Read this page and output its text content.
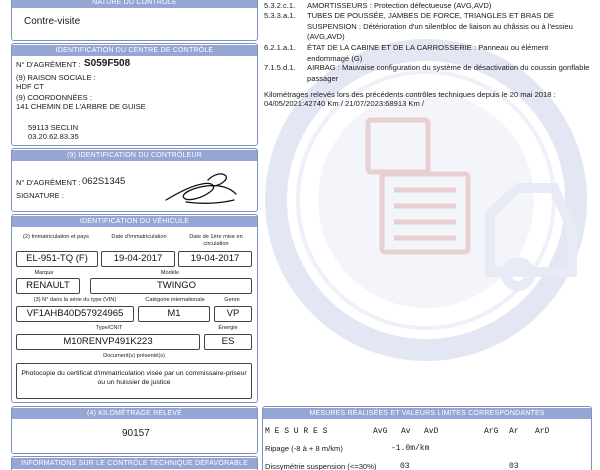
NATURE DU CONTRÔLE
Contre-visite
IDENTIFICATION DU CENTRE DE CONTRÔLE
N° D'AGRÉMENT : S059F508
(9) RAISON SOCIALE :
HDF CT
(9) COORDONNÉES :
141 CHEMIN DE L'ARBRE DE GUISE
59113 SECLIN
03.20.62.83.35
(9) IDENTIFICATION DU CONTRÔLEUR
N° D'AGRÉMENT : 062S1345
SIGNATURE :
IDENTIFICATION DU VÉHICULE
(2) Immatriculation et pays	Date d'immatriculation	Date de 1ère mise en circulation
EL-951-TQ (F)	19-04-2017	19-04-2017
Marque	Modèle
RENAULT	TWINGO
(3) N° dans la série du type (VIN)	Catégorie internationale	Genre
VF1AHB40D57924965	M1	VP
Type/CNIT	Énergie
M10RENVP491K223	ES
Document(s) présenté(s)
Photocopie du certificat d'immatriculation visée par un commissaire-priseur ou un huissier de justice
(4) KILOMÉTRAGE RELEVÉ
90157
INFORMATIONS SUR LE CONTRÔLE TECHNIQUE DÉFAVORABLE
5.3.2.c.1. AMORTISSEURS : Protection défectueuse (AVG,AVD)
5.3.3.a.1. TUBES DE POUSSÉE, JAMBES DE FORCE, TRIANGLES ET BRAS DE SUSPENSION : Détérioration d'un silentbloc de liaison au châssis ou à l'essieu (AVG,AVD)
6.2.1.a.1. ÉTAT DE LA CABINE ET DE LA CARROSSERIE : Panneau ou élément endommagé (G)
7.1.5.d.1. AIRBAG : Mauvaise configuration du système de désactivation du coussin gonflable passager
Kilométrages relevés lors des précédents contrôles techniques depuis le 20 mai 2018 :
04/05/2021:42740 Km / 21/07/2023:68913 Km /
MESURES RÉALISÉES ET VALEURS LIMITES CORRESPONDANTES
M E S U R E S	AvG Av AvD	ArG Ar ArD
Ripage (-8 à + 8 m/km)	-1.0m/km
Dissymétrie suspension (<=30%)	03	03
